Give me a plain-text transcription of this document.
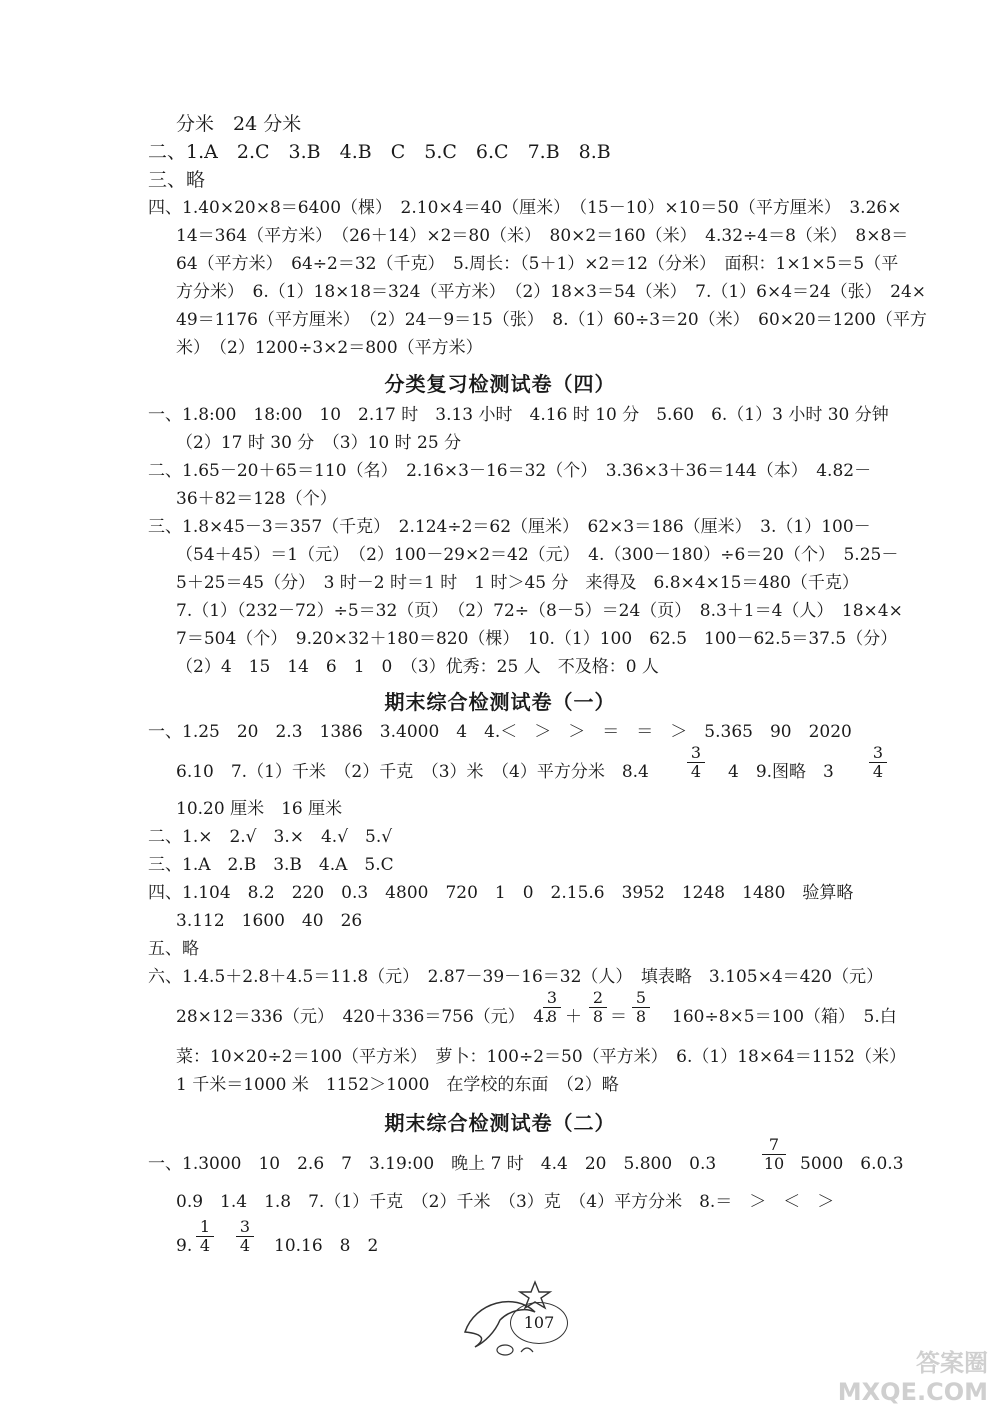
分米　24 分米
二、1.A　2.C　3.B　4.B　C　5.C　6.C　7.B　8.B
三、略
四、1.40×20×8＝6400（棵）　2.10×4＝40（厘米）　（15－10）×10＝50（平方厘米）　3.26×
14＝364（平方米）　（26＋14）×2＝80（米）　80×2＝160（米）　4.32÷4＝8（米）　8×8＝
64（平方米）　64÷2＝32（千克）　5.周长：（5＋1）×2＝12（分米）　面积：1×1×5＝5（平
方分米）　6.（1）18×18＝324（平方米）　（2）18×3＝54（米）　7.（1）6×4＝24（张）　24×
49＝1176（平方厘米）　（2）24－9＝15（张）　8.（1）60÷3＝20（米）　60×20＝1200（平方
米）　（2）1200÷3×2＝800（平方米）
分类复习检测试卷（四）
一、1.8:00　18:00　10　2.17 时　3.13 小时　4.16 时 10 分　5.60　6.（1）3 小时 30 分钟
（2）17 时 30 分　（3）10 时 25 分
二、1.65－20＋65＝110（名）　2.16×3－16＝32（个）　3.36×3＋36＝144（本）　4.82－
36＋82＝128（个）
三、1.8×45－3＝357（千克）　2.124÷2＝62（厘米）　62×3＝186（厘米）　3.（1）100－
（54＋45）＝1（元）　（2）100－29×2＝42（元）　4.（300－180）÷6＝20（个）　5.25－
5＋25＝45（分）　3 时－2 时＝1 时　1 时＞45 分　来得及　6.8×4×15＝480（千克）
7.（1）（232－72）÷5＝32（页）　（2）72÷（8－5）＝24（页）　8.3＋1＝4（人）　18×4×
7＝504（个）　9.20×32＋180＝820（棵）　10.（1）100　62.5　100－62.5＝37.5（分）
（2）4　15　14　6　1　0　（3）优秀：25 人　不及格：0 人
期末综合检测试卷（一）
一、1.25　20　2.3　1386　3.4000　4　4.＜　＞　＞　＝　＝　＞　5.365　90　2020
6.10　7.（1）千米　（2）千克　（3）米　（4）平方分米　$8.4 \frac{3}{4} 4$　9.图略　$3 \frac{3}{4}$
10.20 厘米　16 厘米
二、1.×　2.√　3.×　4.√　5.√
三、1.A　2.B　3.B　4.A　5.C
四、1.104　8.2　220　0.3　4800　720　1　0　2.15.6　3952　1248　1480　验算略
3.112　1600　40　26
五、略
六、1.4.5＋2.8＋4.5＝11.8（元）　2.87－39－16＝32（人）　填表略　3.105×4＝420（元）
28×12＝336（元）　420＋336＝756（元）　4.
$\frac{3}{8} + \frac{2}{8} = \frac{5}{8} 160\div 8\times 5=100$（箱）　5.白
菜：10×20÷2＝100（平方米）　萝卜：100÷2＝50（平方米）　6.（1）18×64＝1152（米）
1 千米＝1000 米　1152＞1000　在学校的东面　（2）略
期末综合检测试卷（二）
一、1.3000　10　2.6　7　3.19:00　晚上 7 时　4.4　20　5.800　0.3	$\frac{7}{10} 5000$　6.0.3
0.9　1.4　1.8　7.（1）千克　（2）千米　（3）克　（4）平方分米　8.＝　＞　＜　＞
9. $\frac{1}{4} \frac{3}{4} 10.16$　8　2
107
答案圈
MXQE.COM
